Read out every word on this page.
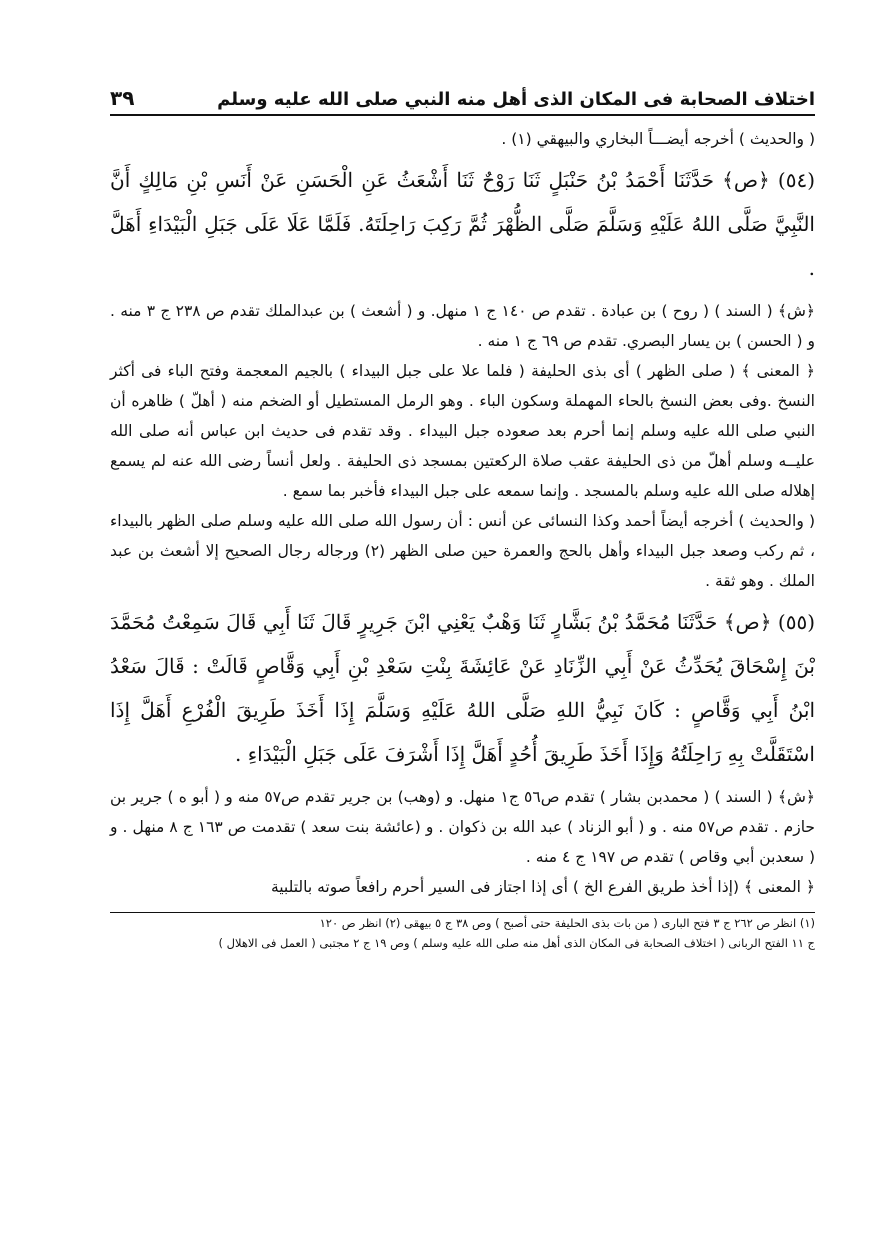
اختلاف الصحابة فى المكان الذى أهل منه النبي صلى الله عليه وسلم
٣٩

( والحديث ) أخرجه أيضـــاً البخاري والبيهقي (١) .

(٥٤) ﴿ص﴾ حَدَّثَنَا أَحْمَدُ بْنُ حَنْبَلٍ ثَنَا رَوْحٌ ثَنَا أَشْعَثُ عَنِ الْحَسَنِ عَنْ أَنَسِ بْنِ مَالِكٍ أَنَّ النَّبِيَّ صَلَّى اللهُ عَلَيْهِ وَسَلَّمَ صَلَّى الظُّهْرَ ثُمَّ رَكِبَ رَاحِلَتَهُ. فَلَمَّا عَلَا عَلَى جَبَلِ الْبَيْدَاءِ أَهَلَّ .

﴿ش﴾ ( السند ) ( روح ) بن عبادة . تقدم ص ١٤٠ ج ١ منهل. و ( أشعث ) بن عبدالملك تقدم ص ٢٣٨ ج ٣ منه . و ( الحسن ) بن يسار البصري. تقدم ص ٦٩ ج ١ منه .

﴿ المعنى ﴾ ( صلى الظهر ) أى بذى الحليفة ( فلما علا على جبل البيداء ) بالجيم المعجمة وفتح الباء فى أكثر النسخ .وفى بعض النسخ بالحاء المهملة وسكون الباء . وهو الرمل المستطيل أو الضخم منه ( أهلّ ) ظاهره أن النبي صلى الله عليه وسلم إنما أحرم بعد صعوده جبل البيداء . وقد تقدم فى حديث ابن عباس أنه صلى الله عليــه وسلم أهلّ من ذى الحليفة عقب صلاة الركعتين بمسجد ذى الحليفة . ولعل أنساً رضى الله عنه لم يسمع إهلاله صلى الله عليه وسلم بالمسجد . وإنما سمعه على جبل البيداء فأخبر بما سمع .

( والحديث ) أخرجه أيضاً أحمد وكذا النسائى عن أنس : أن رسول الله صلى الله عليه وسلم صلى الظهر بالبيداء ، ثم ركب وصعد جبل البيداء وأهل بالحج والعمرة حين صلى الظهر (٢) ورجاله رجال الصحيح إلا أشعث بن عبد الملك . وهو ثقة .

(٥٥) ﴿ص﴾ حَدَّثَنَا مُحَمَّدُ بْنُ بَشَّارٍ ثَنَا وَهْبٌ يَعْنِي ابْنَ جَرِيرٍ قَالَ ثَنَا أَبِي قَالَ سَمِعْتُ مُحَمَّدَ بْنَ إِسْحَاقَ يُحَدِّثُ عَنْ أَبِي الزِّنَادِ عَنْ عَائِشَةَ بِنْتِ سَعْدِ بْنِ أَبِي وَقَّاصٍ قَالَتْ : قَالَ سَعْدُ ابْنُ أَبِي وَقَّاصٍ : كَانَ نَبِيُّ اللهِ صَلَّى اللهُ عَلَيْهِ وَسَلَّمَ إِذَا أَخَذَ طَرِيقَ الْفُرْعِ أَهَلَّ إِذَا اسْتَقَلَّتْ بِهِ رَاحِلَتُهُ وَإِذَا أَخَذَ طَرِيقَ أُحُدٍ أَهَلَّ إِذَا أَشْرَفَ عَلَى جَبَلِ الْبَيْدَاءِ .

﴿ش﴾ ( السند ) ( محمدبن بشار ) تقدم ص٥٦ ج١ منهل. و (وهب) بن جرير تقدم ص٥٧ منه و ( أبو ه ) جرير بن حازم . تقدم ص٥٧ منه . و ( أبو الزناد ) عبد الله بن ذكوان . و (عائشة بنت سعد ) تقدمت ص ١٦٣ ج ٨ منهل . و ( سعدبن أبي وقاص ) تقدم ص ١٩٧ ج ٤ منه .

﴿ المعنى ﴾ (إذا أخذ طريق الفرع الخ ) أى إذا اجتاز فى السير أحرم رافعاً صوته بالتلبية

(١) انظر ص ٢٦٢ ج ٣ فتح البارى ( من بات بذى الحليفة حتى أصبح ) وص ٣٨ ج ٥ بيهقى (٢) انظر ص ١٢٠

ج ١١ الفتح الربانى ( اختلاف الصحابة فى المكان الذى أهل منه صلى الله عليه وسلم ) وص ١٩ ج ٢ مجتبى ( العمل فى الاهلال )
